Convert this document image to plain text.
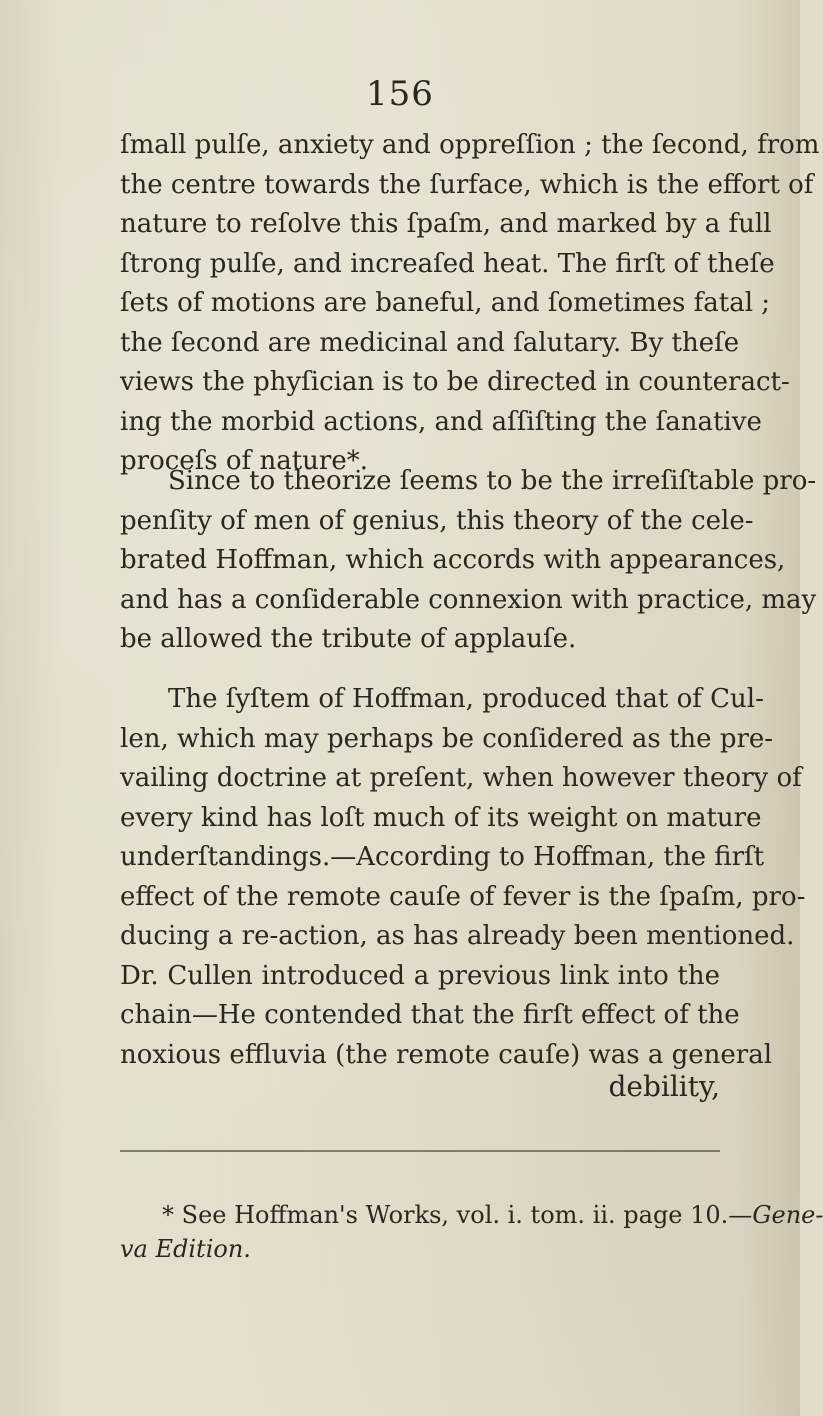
156
ſmall pulſe, anxiety and oppreſſion ; the ſecond, from
the centre towards the ſurface, which is the effort of
nature to reſolve this ſpaſm, and marked by a full
ſtrong pulſe, and increaſed heat. The firſt of theſe
ſets of motions are baneful, and ſometimes fatal ;
the ſecond are medicinal and ſalutary. By theſe
views the phyſician is to be directed in counteract-
ing the morbid actions, and aſſiſting the ſanative
proceſs of nature*.
Since to theorize ſeems to be the irreſiſtable pro-
penſity of men of genius, this theory of the cele-
brated Hoffman, which accords with appearances,
and has a conſiderable connexion with practice, may
be allowed the tribute of applauſe.
The ſyſtem of Hoffman, produced that of Cul-
len, which may perhaps be conſidered as the pre-
vailing doctrine at preſent, when however theory of
every kind has loſt much of its weight on mature
underſtandings.—According to Hoffman, the firſt
effect of the remote cauſe of fever is the ſpaſm, pro-
ducing a re-action, as has already been mentioned.
Dr. Cullen introduced a previous link into the
chain—He contended that the firſt effect of the
noxious effluvia (the remote cauſe) was a general
debility,
* See Hoffman's Works, vol. i. tom. ii. page 10.—Gene-
va Edition.
